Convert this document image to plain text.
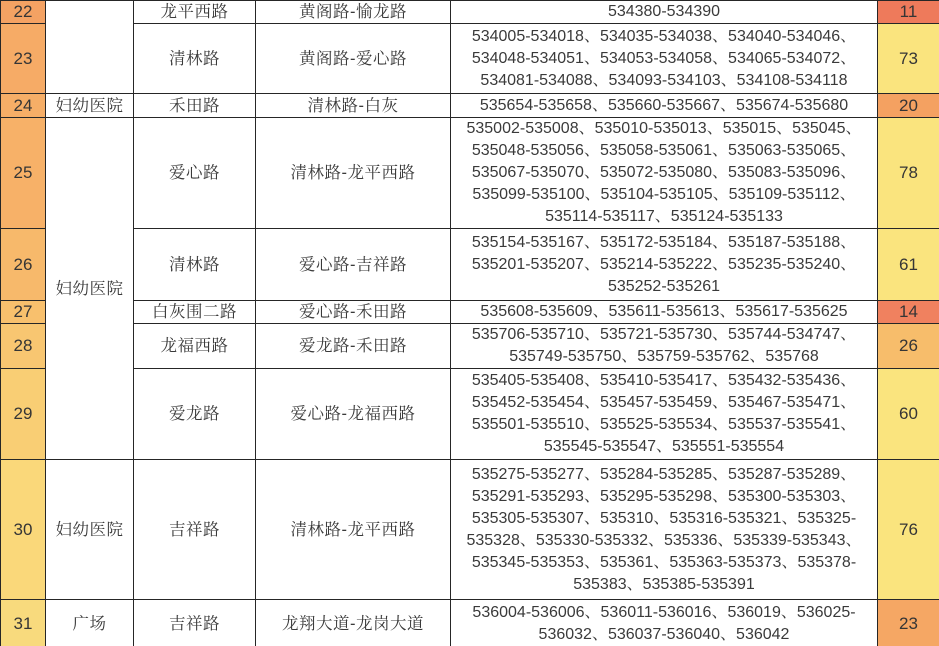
22		龙平西路	黄阁路-愉龙路	534380-534390	11
23		清林路	黄阁路-爱心路	534005-534018、534035-534038、534040-534046、534048-534051、534053-534058、534065-534072、534081-534088、534093-534103、534108-534118	73
24	妇幼医院	禾田路	清林路-白灰	535654-535658、535660-535667、535674-535680	20
25	妇幼医院	爱心路	清林路-龙平西路	535002-535008、535010-535013、535015、535045、535048-535056、535058-535061、535063-535065、535067-535070、535072-535080、535083-535096、535099-535100、535104-535105、535109-535112、535114-535117、535124-535133	78
26		清林路	爱心路-吉祥路	535154-535167、535172-535184、535187-535188、535201-535207、535214-535222、535235-535240、535252-535261	61
27		白灰围二路	爱心路-禾田路	535608-535609、535611-535613、535617-535625	14
28		龙福西路	爱龙路-禾田路	535706-535710、535721-535730、535744-534747、535749-535750、535759-535762、535768	26
29		爱龙路	爱心路-龙福西路	535405-535408、535410-535417、535432-535436、535452-535454、535457-535459、535467-535471、535501-535510、535525-535534、535537-535541、535545-535547、535551-535554	60
30	妇幼医院	吉祥路	清林路-龙平西路	535275-535277、535284-535285、535287-535289、535291-535293、535295-535298、535300-535303、535305-535307、535310、535316-535321、535325-535328、535330-535332、535336、535339-535343、535345-535353、535361、535363-535373、535378-535383、535385-535391	76
31	广场	吉祥路	龙翔大道-龙岗大道	536004-536006、536011-536016、536019、536025-536032、536037-536040、536042	23
